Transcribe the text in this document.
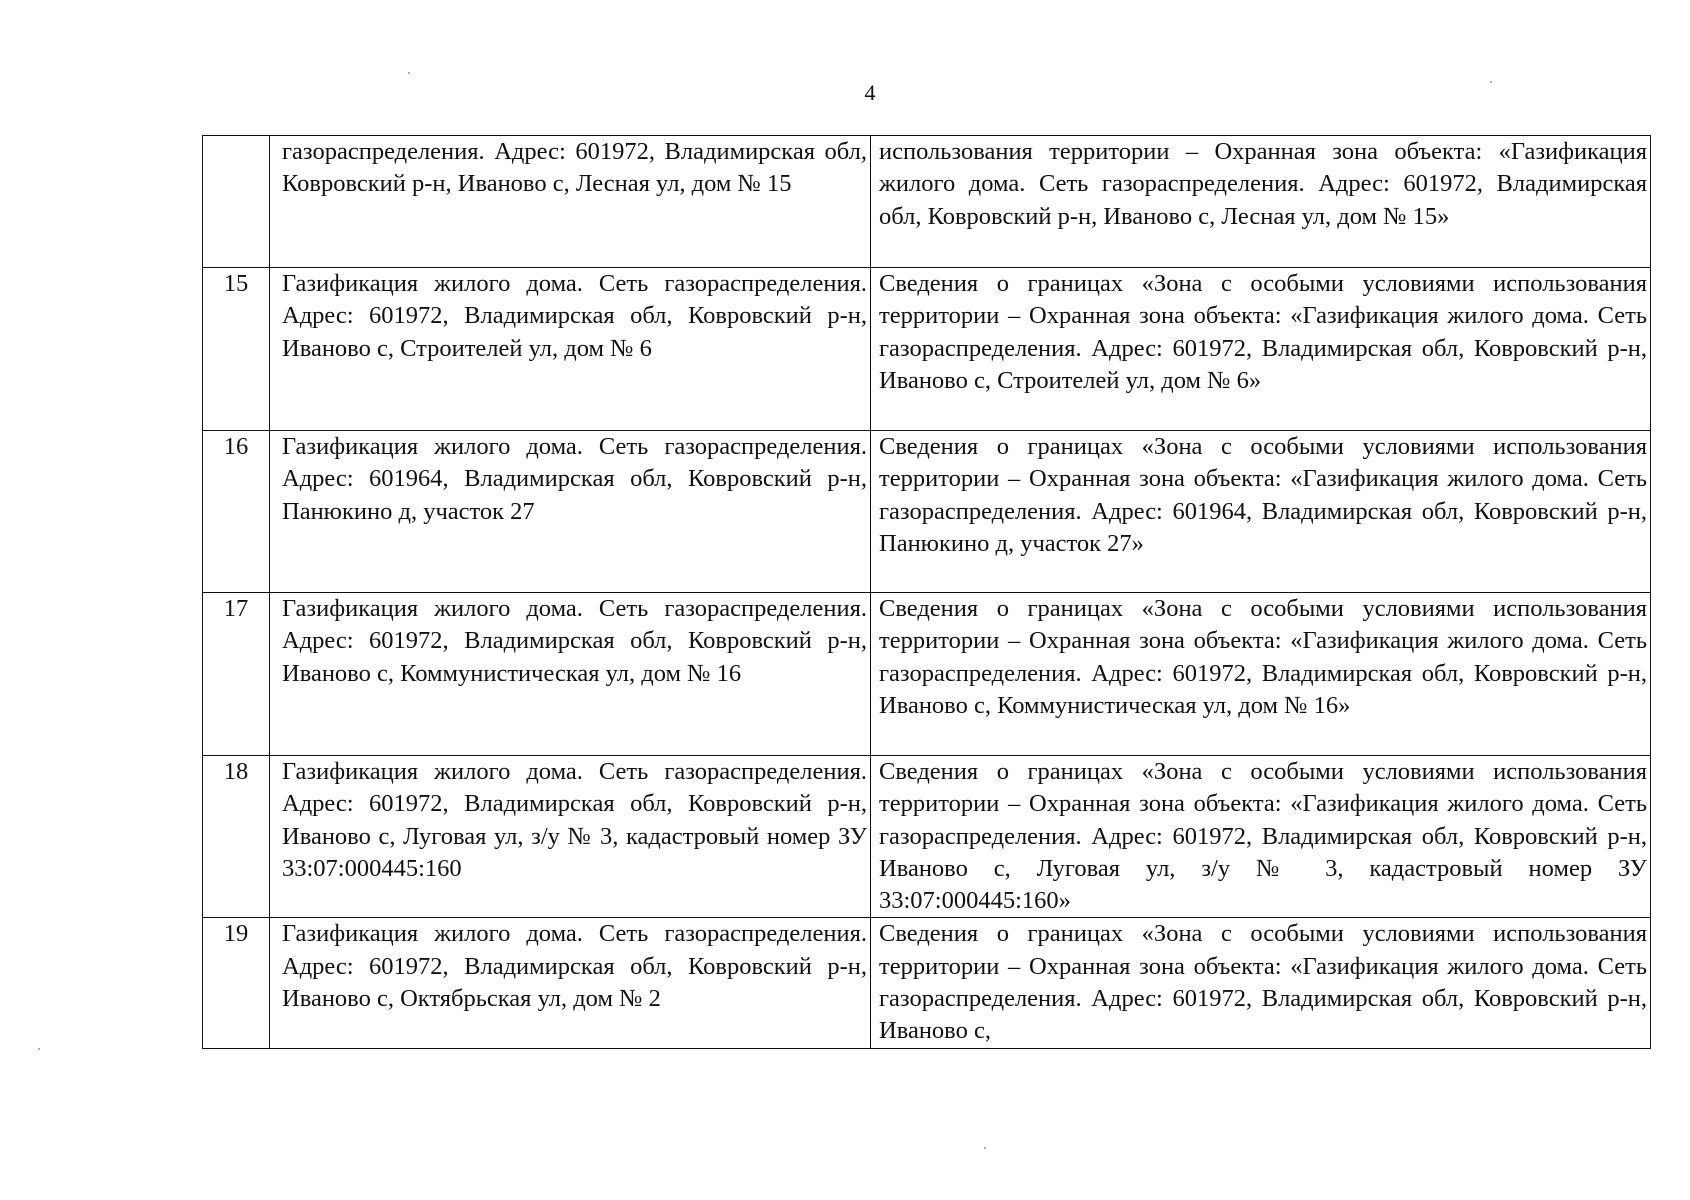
4
	газораспределения. Адрес: 601972, Владимирская обл, Ковровский р-н, Иваново с, Лесная ул, дом № 15	использования территории – Охранная зона объекта: «Газификация жилого дома. Сеть газораспределения. Адрес: 601972, Владимирская обл, Ковровский р-н, Иваново с, Лесная ул, дом № 15»
15	Газификация жилого дома. Сеть газораспределения. Адрес: 601972, Владимирская обл, Ковровский р-н, Иваново с, Строителей ул, дом № 6	Сведения о границах «Зона с особыми условиями использования территории – Охранная зона объекта: «Газификация жилого дома. Сеть газораспределения. Адрес: 601972, Владимирская обл, Ковровский р-н, Иваново с, Строителей ул, дом № 6»
16	Газификация жилого дома. Сеть газораспределения. Адрес: 601964, Владимирская обл, Ковровский р-н, Панюкино д, участок 27	Сведения о границах «Зона с особыми условиями использования территории – Охранная зона объекта: «Газификация жилого дома. Сеть газораспределения. Адрес: 601964, Владимирская обл, Ковровский р-н, Панюкино д, участок 27»
17	Газификация жилого дома. Сеть газораспределения. Адрес: 601972, Владимирская обл, Ковровский р-н, Иваново с, Коммунистическая ул, дом № 16	Сведения о границах «Зона с особыми условиями использования территории – Охранная зона объекта: «Газификация жилого дома. Сеть газораспределения. Адрес: 601972, Владимирская обл, Ковровский р-н, Иваново с, Коммунистическая ул, дом № 16»
18	Газификация жилого дома. Сеть газораспределения. Адрес: 601972, Владимирская обл, Ковровский р-н, Иваново с, Луговая ул, з/у № 3, кадастровый номер ЗУ 33:07:000445:160	Сведения о границах «Зона с особыми условиями использования территории – Охранная зона объекта: «Газификация жилого дома. Сеть газораспределения. Адрес: 601972, Владимирская обл, Ковровский р-н, Иваново с, Луговая ул, з/у № 3, кадастровый номер ЗУ 33:07:000445:160»
19	Газификация жилого дома. Сеть газораспределения. Адрес: 601972, Владимирская обл, Ковровский р-н, Иваново с, Октябрьская ул, дом № 2	Сведения о границах «Зона с особыми условиями использования территории – Охранная зона объекта: «Газификация жилого дома. Сеть газораспределения. Адрес: 601972, Владимирская обл, Ковровский р-н, Иваново с,
